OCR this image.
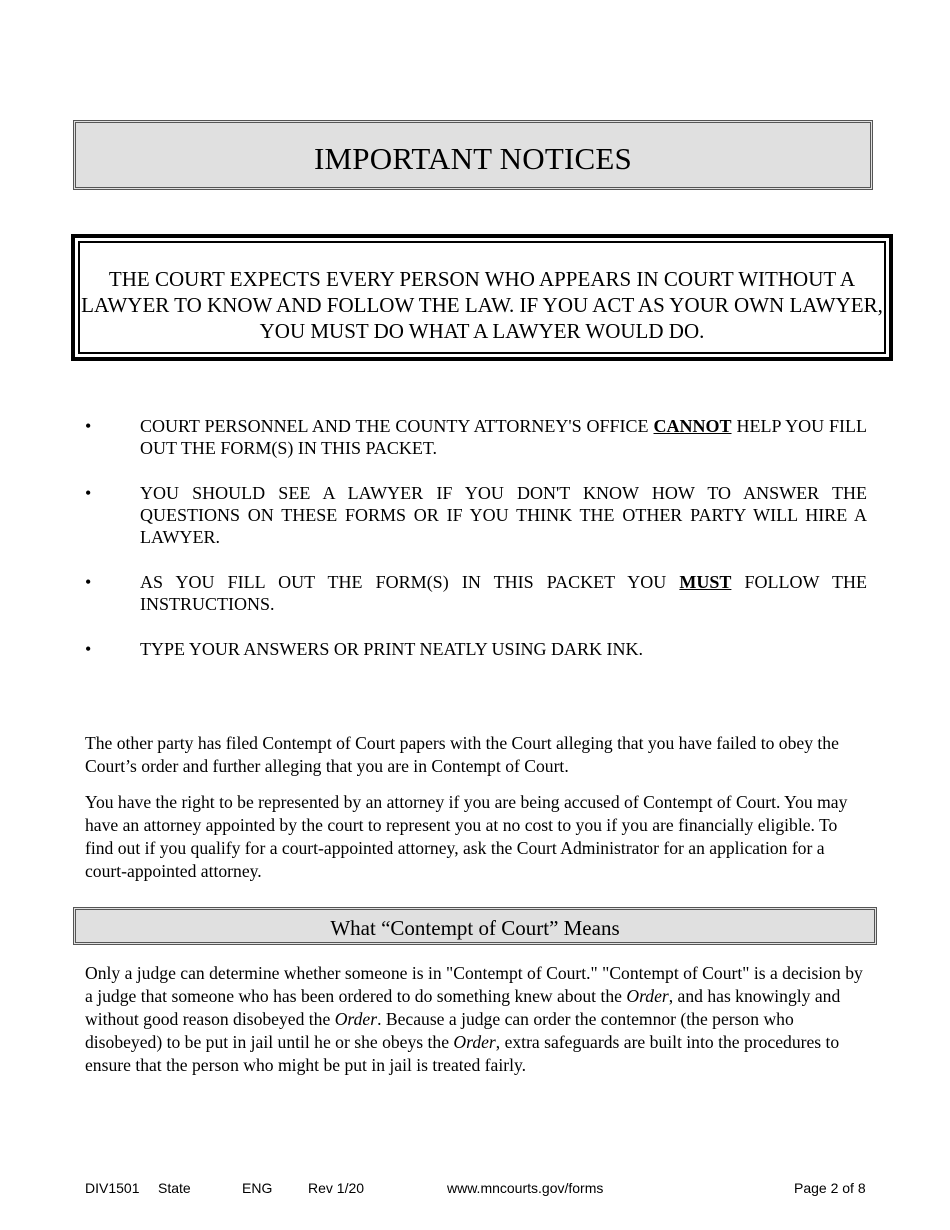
IMPORTANT NOTICES
THE COURT EXPECTS EVERY PERSON WHO APPEARS IN COURT WITHOUT A LAWYER TO KNOW AND FOLLOW THE LAW. IF YOU ACT AS YOUR OWN LAWYER, YOU MUST DO WHAT A LAWYER WOULD DO.
•	COURT PERSONNEL AND THE COUNTY ATTORNEY'S OFFICE CANNOT HELP YOU FILL OUT THE FORM(S) IN THIS PACKET.
•	YOU SHOULD SEE A LAWYER IF YOU DON'T KNOW HOW TO ANSWER THE QUESTIONS ON THESE FORMS OR IF YOU THINK THE OTHER PARTY WILL HIRE A LAWYER.
•	AS YOU FILL OUT THE FORM(S) IN THIS PACKET YOU MUST FOLLOW THE INSTRUCTIONS.
•	TYPE YOUR ANSWERS OR PRINT NEATLY USING DARK INK.

The other party has filed Contempt of Court papers with the Court alleging that you have failed to obey the Court’s order and further alleging that you are in Contempt of Court.

You have the right to be represented by an attorney if you are being accused of Contempt of Court. You may have an attorney appointed by the court to represent you at no cost to you if you are financially eligible. To find out if you qualify for a court-appointed attorney, ask the Court Administrator for an application for a court-appointed attorney.

What “Contempt of Court” Means

Only a judge can determine whether someone is in "Contempt of Court." "Contempt of Court" is a decision by a judge that someone who has been ordered to do something knew about the Order, and has knowingly and without good reason disobeyed the Order. Because a judge can order the contemnor (the person who disobeyed) to be put in jail until he or she obeys the Order, extra safeguards are built into the procedures to ensure that the person who might be put in jail is treated fairly.

DIV1501 State	ENG	Rev 1/20	www.mncourts.gov/forms	Page 2 of 8
